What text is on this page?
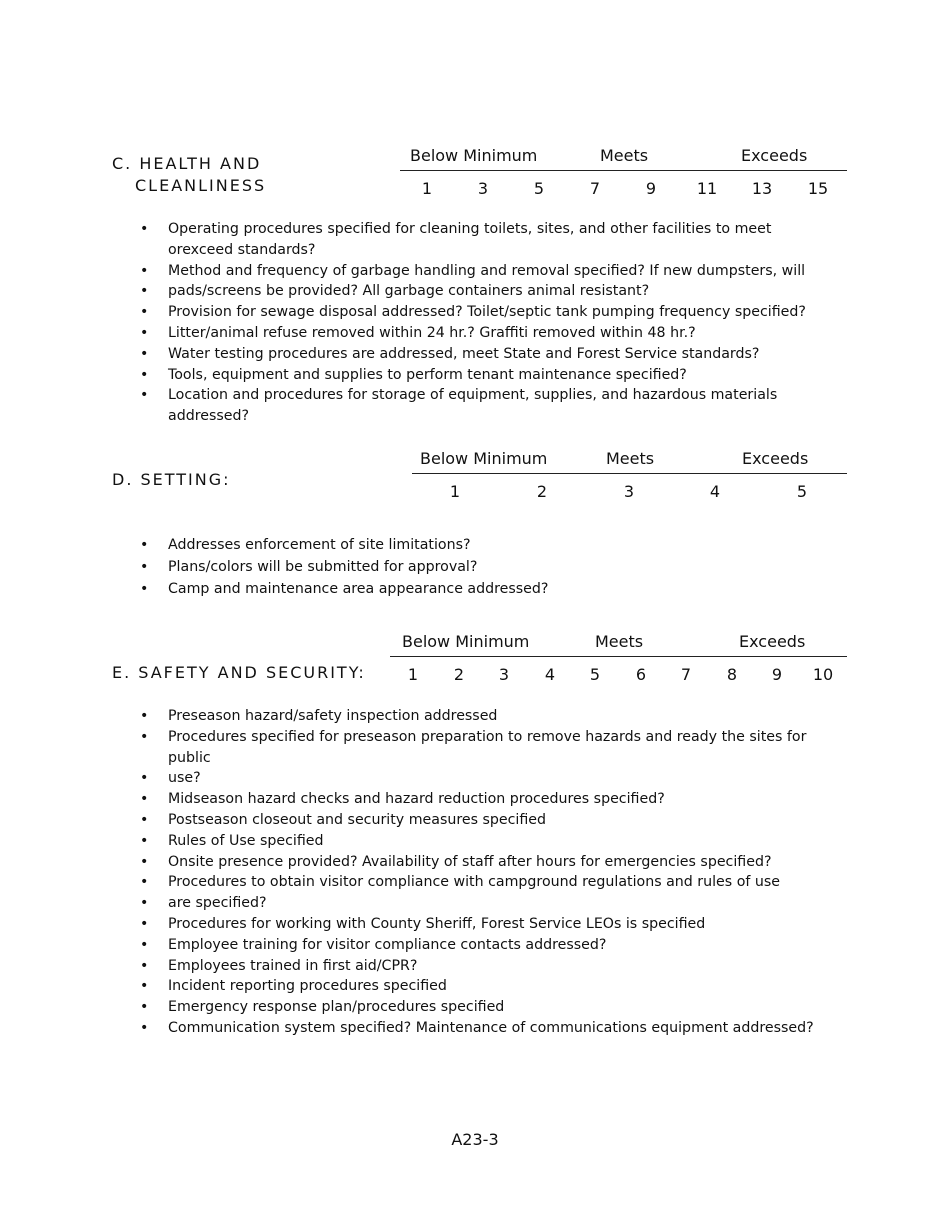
C. HEALTH AND
CLEANLINESS
Below Minimum	Meets	Exceeds
1	3	5	7	9	11 13 15
• Operating procedures specified for cleaning toilets, sites, and other facilities to meet orexceed standards?
• Method and frequency of garbage handling and removal specified? If new dumpsters, will
• pads/screens be provided? All garbage containers animal resistant?
• Provision for sewage disposal addressed? Toilet/septic tank pumping frequency specified?
• Litter/animal refuse removed within 24 hr.? Graffiti removed within 48 hr.?
• Water testing procedures are addressed, meet State and Forest Service standards?
• Tools, equipment and supplies to perform tenant maintenance specified?
• Location and procedures for storage of equipment, supplies, and hazardous materials addressed?
D. SETTING:
Below Minimum	Meets	Exceeds
1	2	3	4	5
• Addresses enforcement of site limitations?
• Plans/colors will be submitted for approval?
• Camp and maintenance area appearance addressed?
E. SAFETY AND SECURITY:
Below Minimum	Meets	Exceeds
1 2 3 4 5 6 7 8 9 10
• Preseason hazard/safety inspection addressed
• Procedures specified for preseason preparation to remove hazards and ready the sites for public
• use?
• Midseason hazard checks and hazard reduction procedures specified?
• Postseason closeout and security measures specified
• Rules of Use specified
• Onsite presence provided? Availability of staff after hours for emergencies specified?
• Procedures to obtain visitor compliance with campground regulations and rules of use
• are specified?
• Procedures for working with County Sheriff, Forest Service LEOs is specified
• Employee training for visitor compliance contacts addressed?
• Employees trained in first aid/CPR?
• Incident reporting procedures specified
• Emergency response plan/procedures specified
• Communication system specified? Maintenance of communications equipment addressed?
A23-3
